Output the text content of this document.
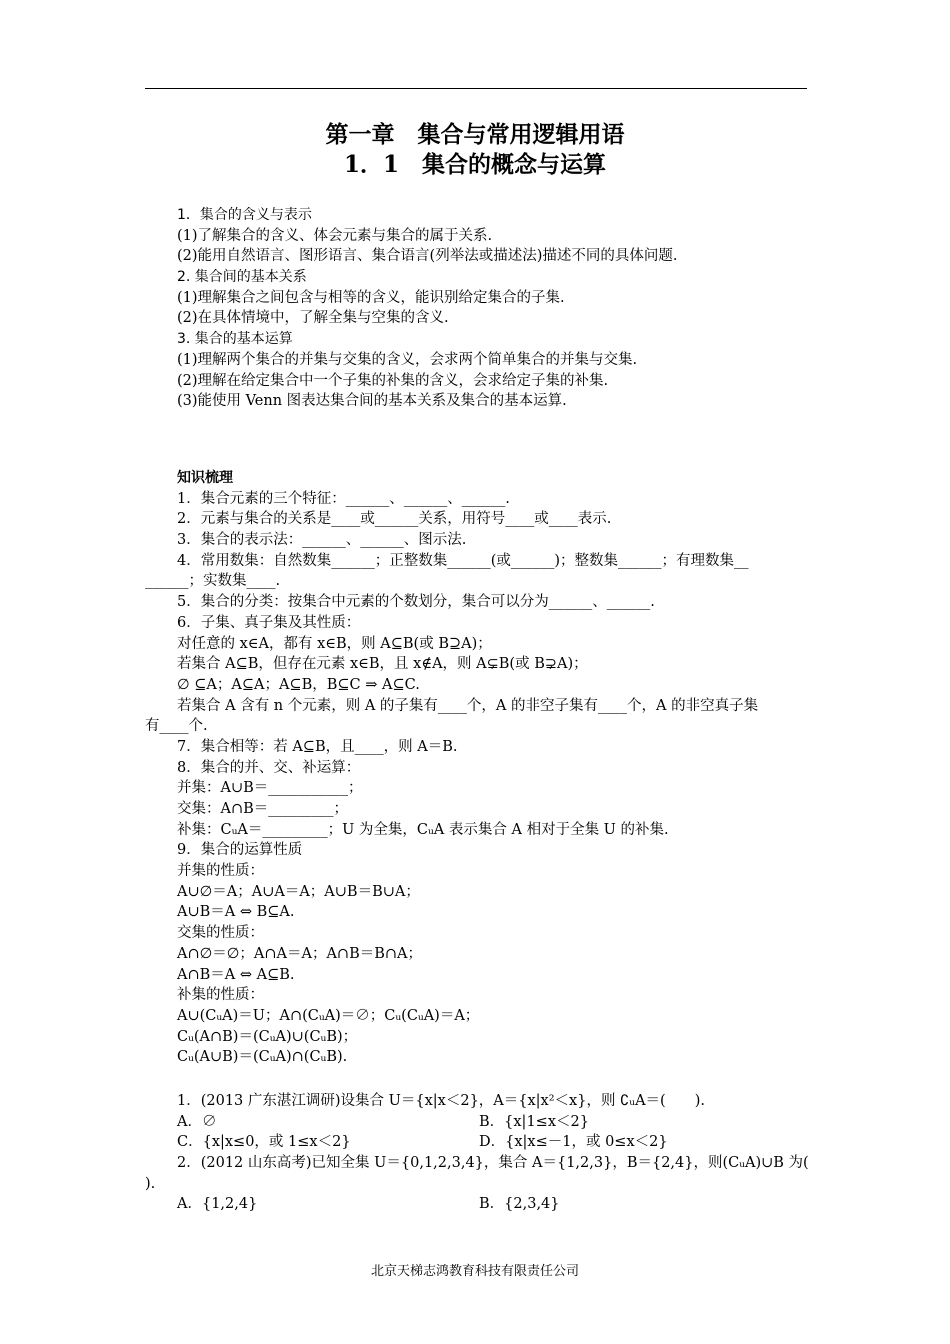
第一章　集合与常用逻辑用语
1．1　集合的概念与运算
1．集合的含义与表示
(1)了解集合的含义、体会元素与集合的属于关系.
(2)能用自然语言、图形语言、集合语言(列举法或描述法)描述不同的具体问题.
2. 集合间的基本关系
(1)理解集合之间包含与相等的含义，能识别给定集合的子集.
(2)在具体情境中，了解全集与空集的含义.
3. 集合的基本运算
(1)理解两个集合的并集与交集的含义，会求两个简单集合的并集与交集.
(2)理解在给定集合中一个子集的补集的含义，会求给定子集的补集.
(3)能使用 Venn 图表达集合间的基本关系及集合的基本运算.
知识梳理
1．集合元素的三个特征：______、______、______.
2．元素与集合的关系是____或______关系，用符号____或____表示.
3．集合的表示法：______、______、图示法.
4．常用数集：自然数集______；正整数集______(或______)；整数集______；有理数集__
______；实数集____.
5．集合的分类：按集合中元素的个数划分，集合可以分为______、______.
6．子集、真子集及其性质：
对任意的 x∈A，都有 x∈B，则 A⊆B(或 B⊇A)；
若集合 A⊆B，但存在元素 x∈B，且 x∉A，则 A⊊B(或 B⊋A)；
∅ ⊆A；A⊆A；A⊆B，B⊆C ⇒ A⊆C.
若集合 A 含有 n 个元素，则 A 的子集有____个，A 的非空子集有____个，A 的非空真子集
有____个.
7．集合相等：若 A⊆B，且____，则 A＝B.
8．集合的并、交、补运算：
并集：A∪B＝___________；
交集：A∩B＝_________；
补集：CᵤA＝_________；U 为全集，CᵤA 表示集合 A 相对于全集 U 的补集.
9．集合的运算性质
并集的性质：
A∪∅＝A；A∪A＝A；A∪B＝B∪A；
A∪B＝A ⇔ B⊆A.
交集的性质：
A∩∅＝∅；A∩A＝A；A∩B＝B∩A；
A∩B＝A ⇔ A⊆B.
补集的性质：
A∪(CᵤA)＝U；A∩(CᵤA)＝∅；Cᵤ(CᵤA)＝A；
Cᵤ(A∩B)＝(CᵤA)∪(CᵤB)；
Cᵤ(A∪B)＝(CᵤA)∩(CᵤB).
1．(2013 广东湛江调研)设集合 U＝{x|x＜2}，A＝{x|x²＜x}，则 ∁ᵤA＝(　　).
A．∅	B．{x|1≤x＜2}
C．{x|x≤0，或 1≤x＜2}	D．{x|x≤－1，或 0≤x＜2}
2．(2012 山东高考)已知全集 U＝{0,1,2,3,4}，集合 A＝{1,2,3}，B＝{2,4}，则(CᵤA)∪B 为(
).
A．{1,2,4}	B．{2,3,4}
北京天梯志鸿教育科技有限责任公司
